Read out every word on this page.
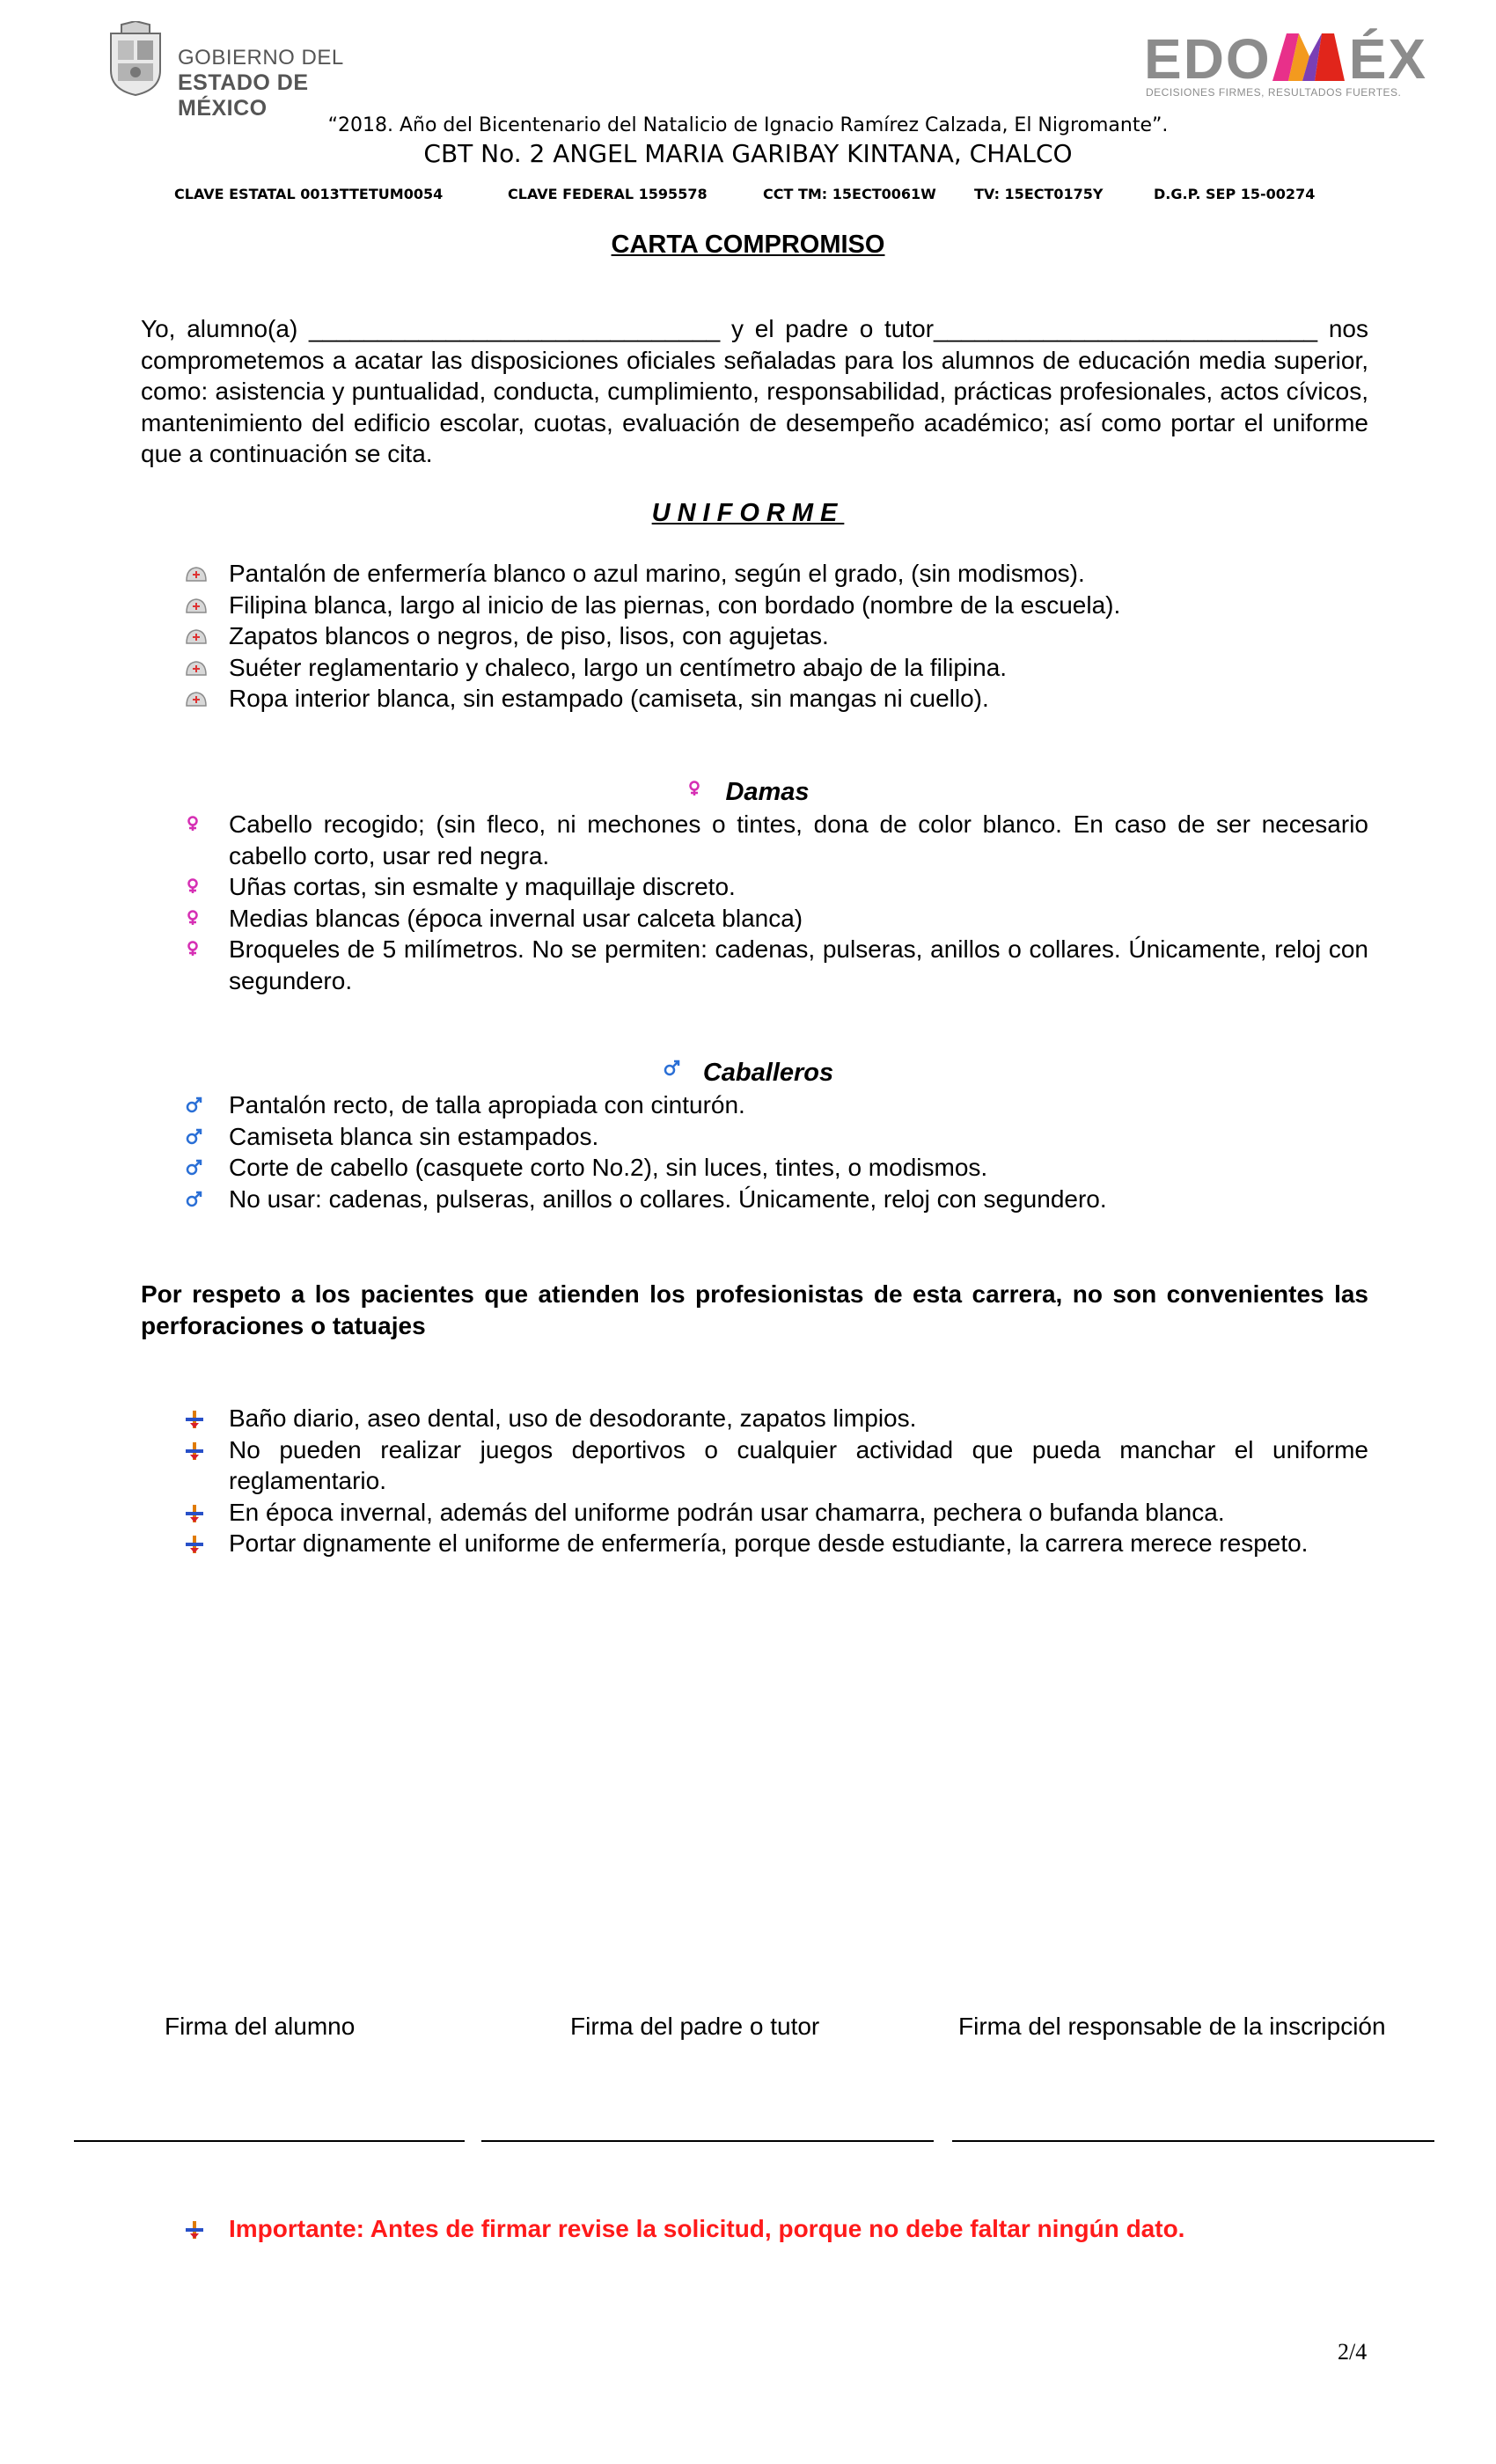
GOBIERNO DEL
ESTADO DE MÉXICO
EDO ÉX
DECISIONES FIRMES, RESULTADOS FUERTES.
“2018. Año del Bicentenario del Natalicio de Ignacio Ramírez Calzada, El Nigromante”.
CBT No. 2 ANGEL MARIA GARIBAY KINTANA, CHALCO
CLAVE ESTATAL 0013TTETUM0054	CLAVE FEDERAL 1595578	CCT TM: 15ECT0061W	TV: 15ECT0175Y	D.G.P. SEP 15-00274
CARTA COMPROMISO
Yo, alumno(a) ______________________________ y el padre o tutor____________________________ nos comprometemos a acatar las disposiciones oficiales señaladas para los alumnos de educación media superior, como: asistencia y puntualidad, conducta, cumplimiento, responsabilidad, prácticas profesionales, actos cívicos, mantenimiento del edificio escolar, cuotas, evaluación de desempeño académico; así como portar el uniforme que a continuación se cita.
UNIFORME
Pantalón de enfermería blanco o azul marino, según el grado, (sin modismos).
Filipina blanca, largo al inicio de las piernas, con bordado (nombre de la escuela).
Zapatos blancos o negros, de piso, lisos, con agujetas.
Suéter reglamentario y chaleco, largo un centímetro abajo de la filipina.
Ropa interior blanca, sin estampado (camiseta, sin mangas ni cuello).
Damas
Cabello recogido; (sin fleco, ni mechones o tintes, dona de color blanco. En caso de ser necesario cabello corto, usar red negra.
Uñas cortas, sin esmalte y maquillaje discreto.
Medias blancas (época invernal usar calceta blanca)
Broqueles de 5 milímetros. No se permiten: cadenas, pulseras, anillos o collares. Únicamente, reloj con segundero.
Caballeros
Pantalón recto, de talla apropiada con cinturón.
Camiseta blanca sin estampados.
Corte de cabello (casquete corto No.2), sin luces, tintes, o modismos.
No usar: cadenas, pulseras, anillos o collares. Únicamente, reloj con segundero.
Por respeto a los pacientes que atienden los profesionistas de esta carrera, no son convenientes las perforaciones o tatuajes
Baño diario, aseo dental, uso de desodorante, zapatos limpios.
No pueden realizar juegos deportivos o cualquier actividad que pueda manchar el uniforme reglamentario.
En época invernal, además del uniforme podrán usar chamarra, pechera o bufanda blanca.
Portar dignamente el uniforme de enfermería, porque desde estudiante, la carrera merece respeto.
Firma del alumno	Firma del padre o tutor	Firma del responsable de la inscripción
Importante: Antes de firmar revise la solicitud, porque no debe faltar ningún dato.
2/4
